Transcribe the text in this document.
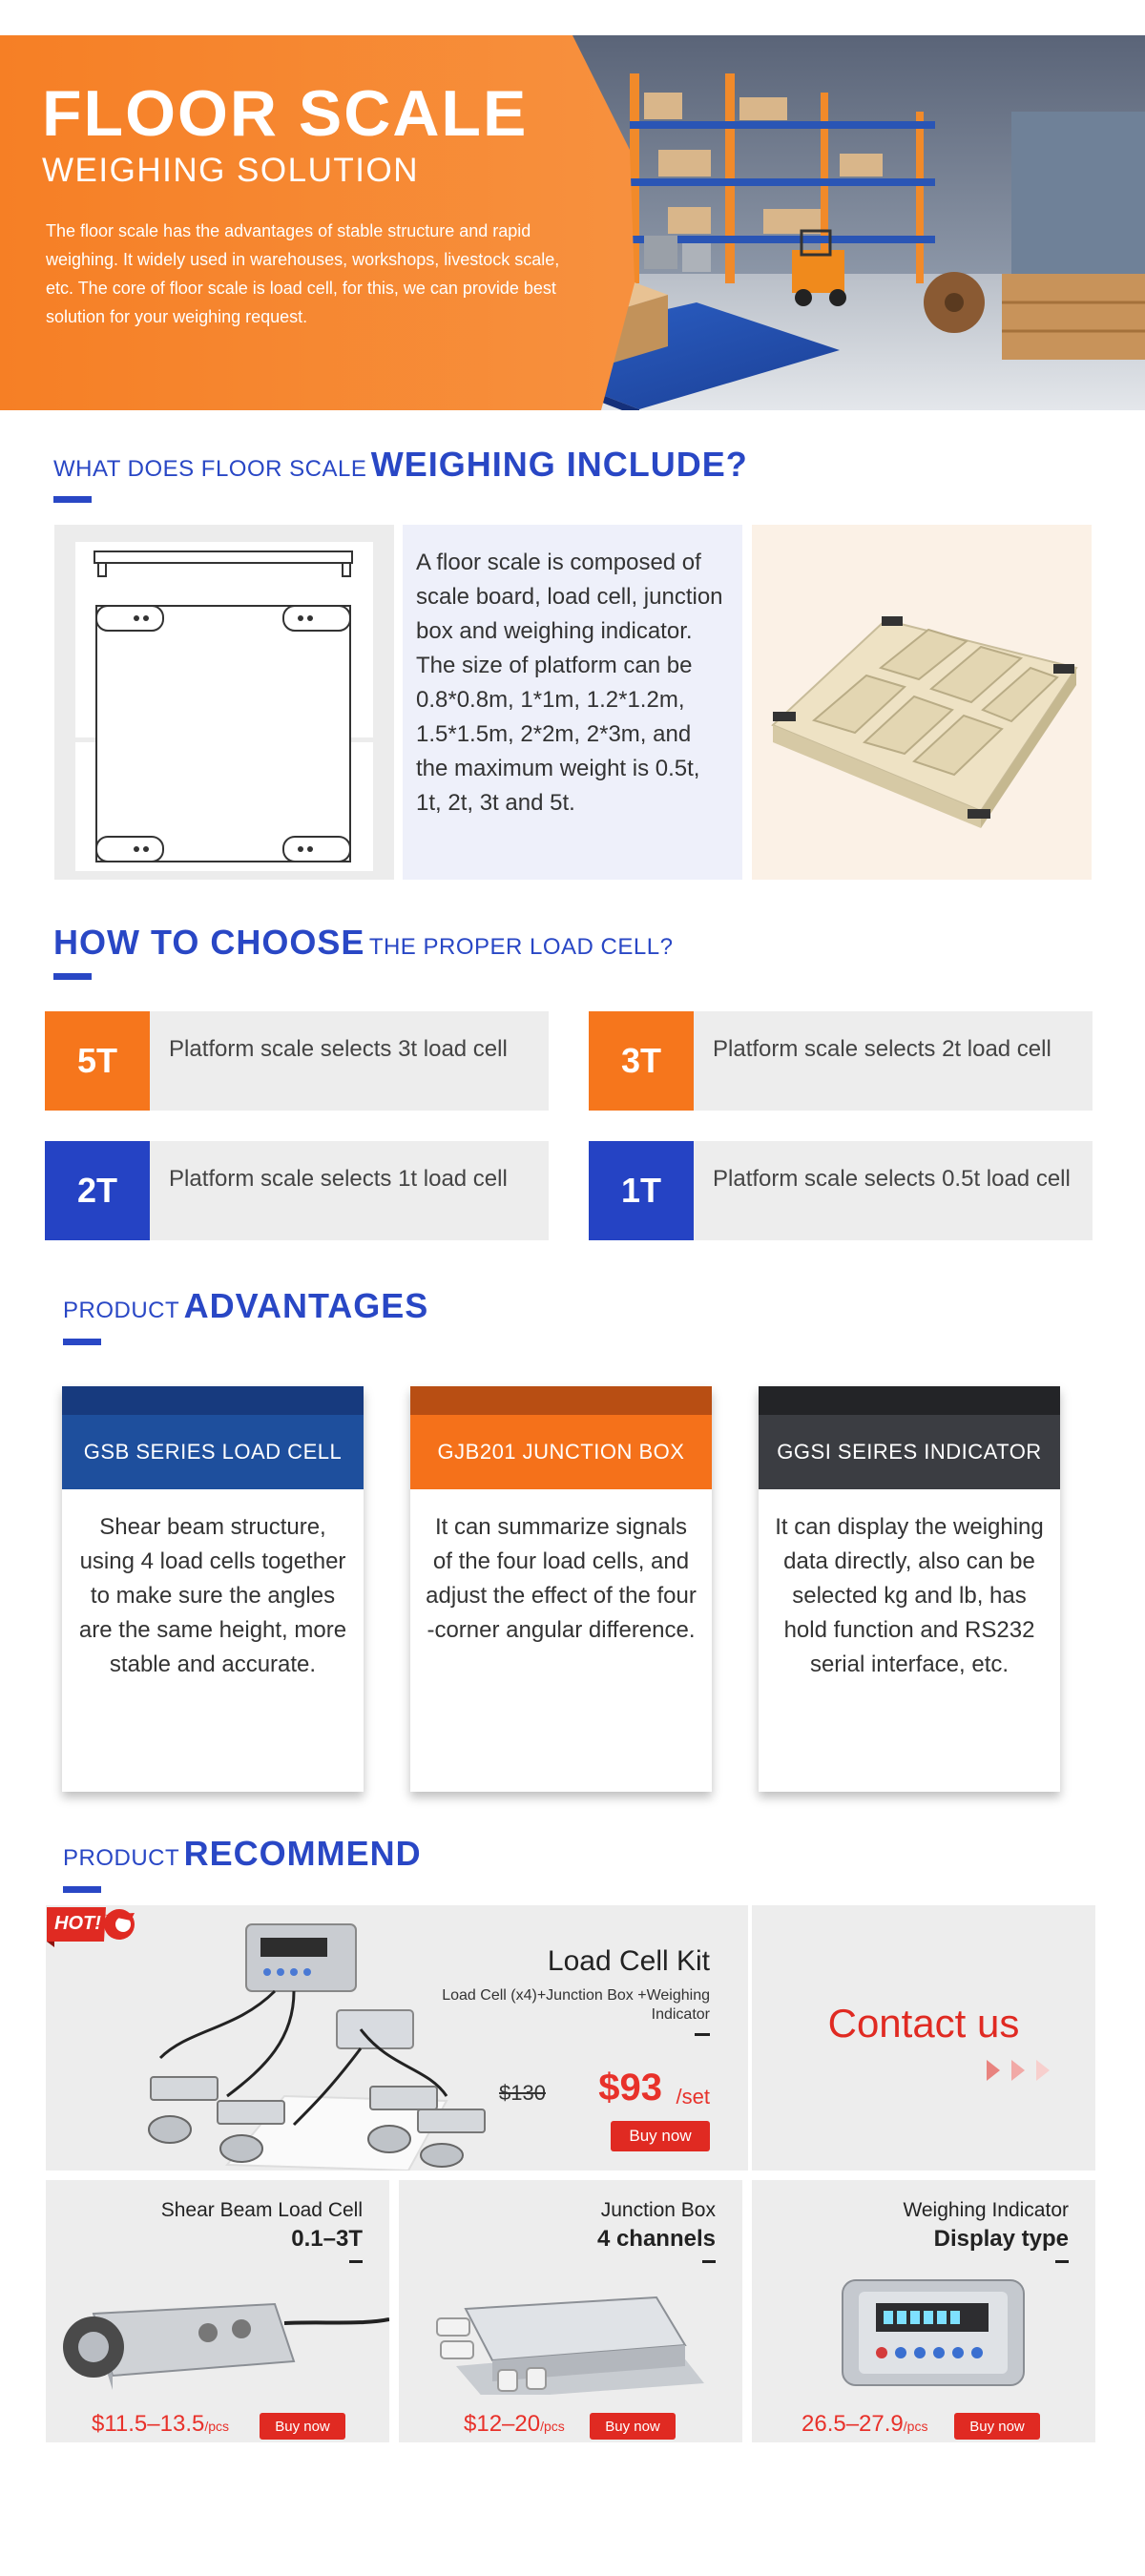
FLOOR SCALE
WEIGHING SOLUTION

The floor scale has the advantages of stable structure and rapid weighing. It widely used in warehouses, workshops, livestock scale, etc. The core of floor scale is load cell, for this, we can provide best solution for your weighing request.

WHAT DOES FLOOR SCALE WEIGHING INCLUDE?
A floor scale is composed of scale board, load cell, junction box and weighing indicator. The size of platform can be 0.8*0.8m, 1*1m, 1.2*1.2m, 1.5*1.5m, 2*2m, 2*3m, and the maximum weight is 0.5t, 1t, 2t, 3t and 5t.
HOW TO CHOOSE THE PROPER LOAD CELL?
5T	Platform scale selects 3t load cell	3T	Platform scale selects 2t load cell
2T	Platform scale selects 1t load cell	1T	Platform scale selects 0.5t load cell
PRODUCT ADVANTAGES
GSB SERIES LOAD CELL
Shear beam structure, using 4 load cells together to make sure the angles are the same height, more stable and accurate.
GJB201 JUNCTION BOX
It can summarize signals of the four load cells, and adjust the effect of the four -corner angular difference.
GGSI SEIRES INDICATOR
It can display the weighing data directly, also can be selected kg and lb, has hold function and RS232 serial interface, etc.
PRODUCT RECOMMEND
Load Cell Kit
Load Cell (x4)+Junction Box +Weighing Indicator
$130 $93 /set
Buy now
HOT!
Contact us
Shear Beam Load Cell
0.1–3T
$11.5–13.5/pcs	Buy now
Junction Box
4 channels
$12–20/pcs	Buy now
Weighing Indicator
Display type
26.5–27.9/pcs	Buy now
